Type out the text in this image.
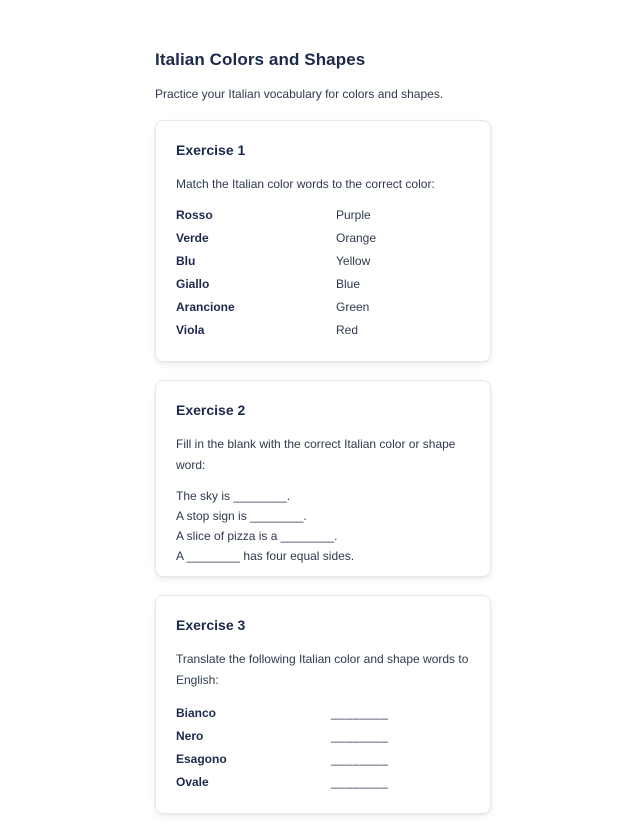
Italian Colors and Shapes

Practice your Italian vocabulary for colors and shapes.

Exercise 1

Match the Italian color words to the correct color:

Rosso	Purple
Verde	Orange
Blu	Yellow
Giallo	Blue
Arancione	Green
Viola	Red
Exercise 2

Fill in the blank with the correct Italian color or shape word:

The sky is ________.

A stop sign is ________.

A slice of pizza is a ________.

A ________ has four equal sides.

Exercise 3

Translate the following Italian color and shape words to English:

Bianco	________
Nero	________
Esagono	________
Ovale	________
